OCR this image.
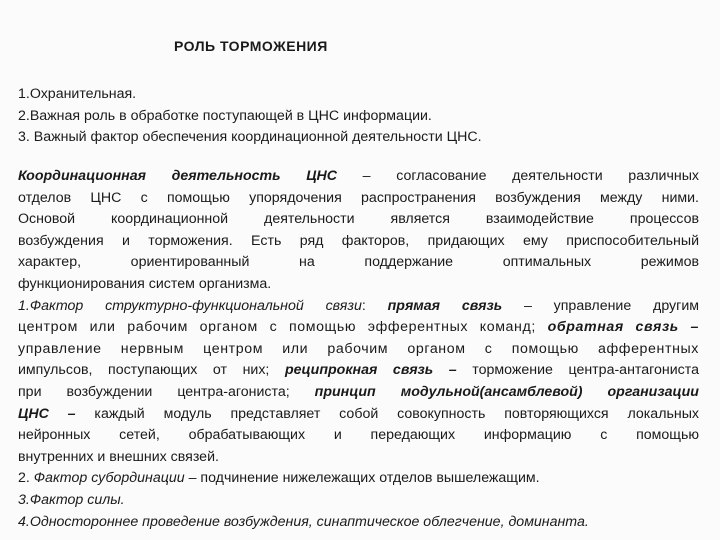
РОЛЬ ТОРМОЖЕНИЯ
1.Охранительная.
2.Важная роль в обработке поступающей в ЦНС информации.
3. Важный фактор обеспечения координационной деятельности ЦНС.
Координационная деятельность ЦНС – согласование деятельности различных
отделов ЦНС с помощью упорядочения распространения возбуждения между ними.
Основой координационной деятельности является взаимодействие процессов
возбуждения и торможения. Есть ряд факторов, придающих ему приспособительный
характер, ориентированный на поддержание оптимальных режимов
функционирования систем организма.
1.Фактор структурно-функциональной связи: прямая связь – управление другим
центром или рабочим органом с помощью эфферентных команд; обратная связь –
управление нервным центром или рабочим органом с помощью афферентных
импульсов, поступающих от них; реципрокная связь – торможение центра-антагониста
при возбуждении центра-агониста; принцип модульной(ансамблевой) организации
ЦНС – каждый модуль представляет собой совокупность повторяющихся локальных
нейронных сетей, обрабатывающих и передающих информацию с помощью
внутренних и внешних связей.
2. Фактор субординации – подчинение нижележащих отделов вышележащим.
3.Фактор силы.
4.Одностороннее проведение возбуждения, синаптическое облегчение, доминанта.
